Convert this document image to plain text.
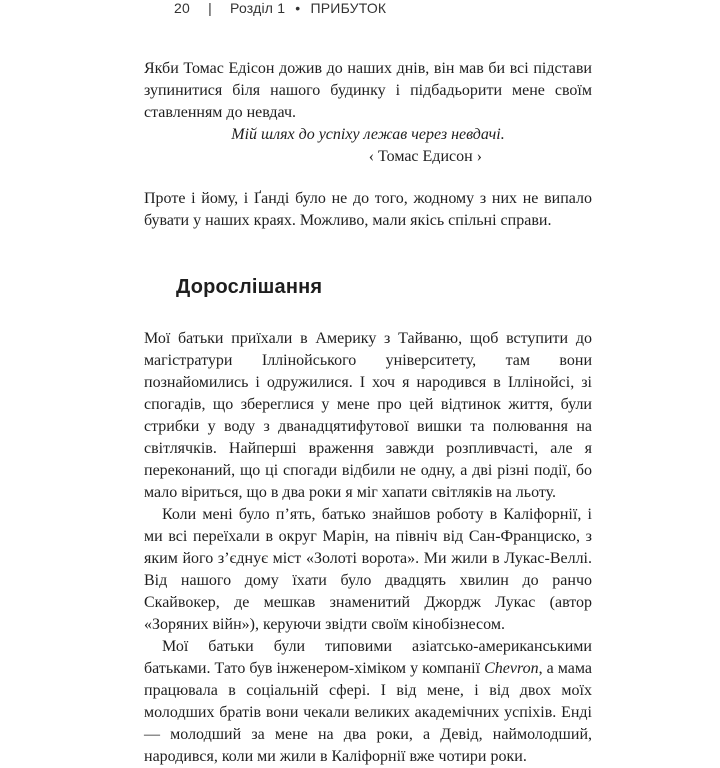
20 | Розділ 1 • ПРИБУТОК

Якби Томас Едісон дожив до наших днів, він мав би всі підстави зупинитися біля нашого будинку і підбадьорити мене своїм ставленням до невдач.

Мій шлях до успіху лежав через невдачі.

‹ Томас Едисон ›

Проте і йому, і Ґанді було не до того, жодному з них не випало бувати у наших краях. Можливо, мали якісь спільні справи.

Дорослішання

Мої батьки приїхали в Америку з Тайваню, щоб вступити до магістратури Іллінойського університету, там вони познайомились і одружилися. І хоч я народився в Іллінойсі, зі спогадів, що збереглися у мене про цей відтинок життя, були стрибки у воду з дванадцятифутової вишки та полювання на світлячків. Найперші враження завжди розпливчасті, але я переконаний, що ці спогади відбили не одну, а дві різні події, бо мало віриться, що в два роки я міг хапати світляків на льоту.

Коли мені було п’ять, батько знайшов роботу в Каліфорнії, і ми всі переїхали в округ Марін, на північ від Сан-Франциско, з яким його з’єднує міст «Золоті ворота». Ми жили в Лукас-Веллі. Від нашого дому їхати було двадцять хвилин до ранчо Скайвокер, де мешкав знаменитий Джордж Лукас (автор «Зоряних війн»), керуючи звідти своїм кінобізнесом.

Мої батьки були типовими азіатсько-американськими батьками. Тато був інженером-хіміком у компанії Chevron, а мама працювала в соціальній сфері. І від мене, і від двох моїх молодших братів вони чекали великих академічних успіхів. Енді — молодший за мене на два роки, а Девід, наймолодший, народився, коли ми жили в Каліфорнії вже чотири роки.
